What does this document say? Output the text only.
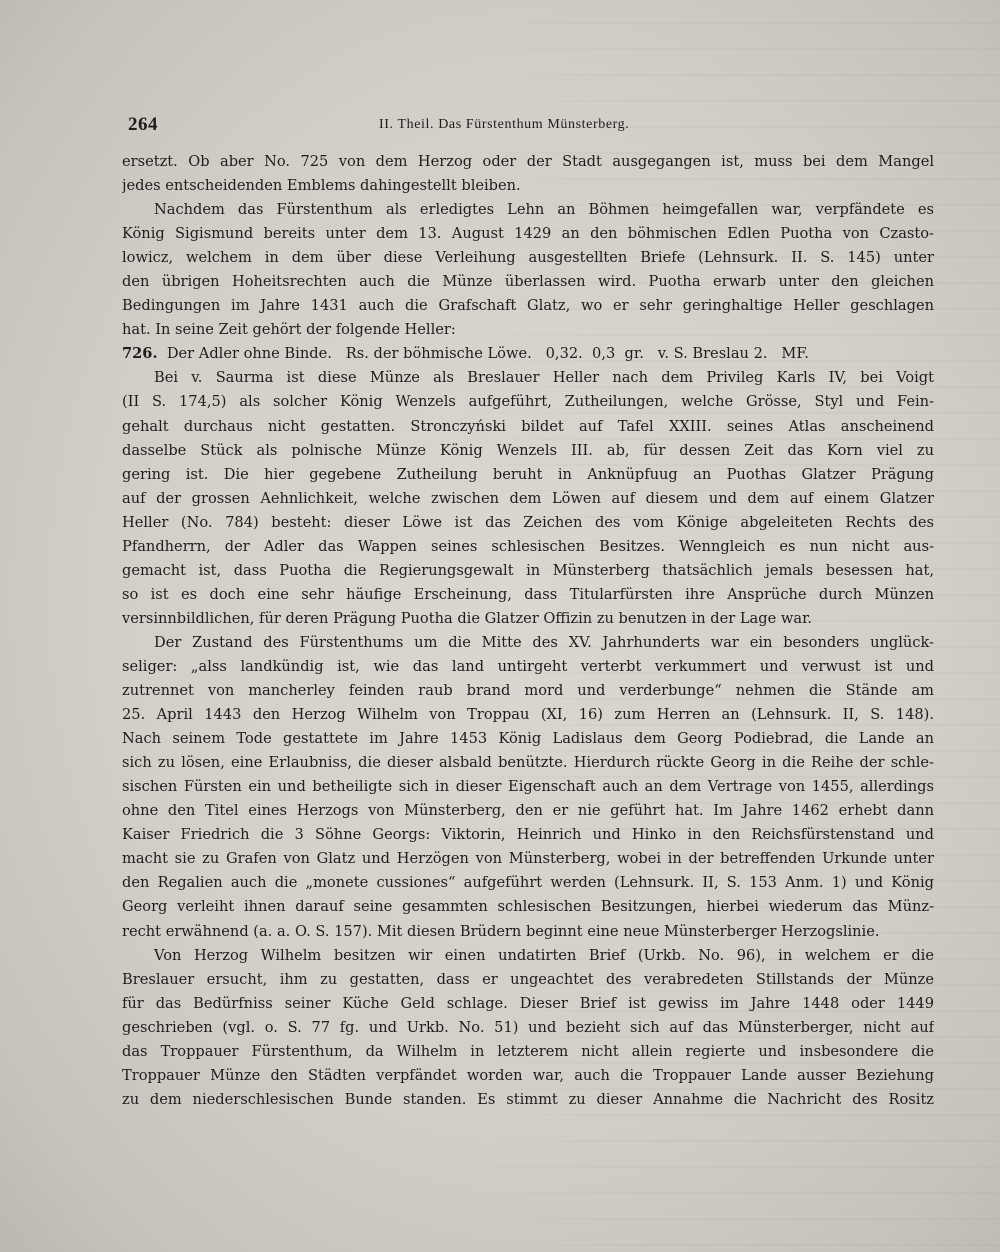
264	II. Theil. Das Fürstenthum Münsterberg.
ersetzt. Ob aber No. 725 von dem Herzog oder der Stadt ausgegangen ist, muss bei dem Mangel
jedes entscheidenden Emblems dahingestellt bleiben.
Nachdem das Fürstenthum als erledigtes Lehn an Böhmen heimgefallen war, verpfändete es
König Sigismund bereits unter dem 13. August 1429 an den böhmischen Edlen Puotha von Czasto-
lowicz, welchem in dem über diese Verleihung ausgestellten Briefe (Lehnsurk. II. S. 145) unter
den übrigen Hoheitsrechten auch die Münze überlassen wird. Puotha erwarb unter den gleichen
Bedingungen im Jahre 1431 auch die Grafschaft Glatz, wo er sehr geringhaltige Heller geschlagen
hat. In seine Zeit gehört der folgende Heller:
726.  Der Adler ohne Binde.   Rs. der böhmische Löwe.   0,32.  0,3  gr.   v. S. Breslau 2.   MF.
Bei v. Saurma ist diese Münze als Breslauer Heller nach dem Privileg Karls IV, bei Voigt
(II S. 174,5) als solcher König Wenzels aufgeführt, Zutheilungen, welche Grösse, Styl und Fein-
gehalt durchaus nicht gestatten. Stronczyński bildet auf Tafel XXIII. seines Atlas anscheinend
dasselbe Stück als polnische Münze König Wenzels III. ab, für dessen Zeit das Korn viel zu
gering ist. Die hier gegebene Zutheilung beruht in Anknüpfuug an Puothas Glatzer Prägung
auf der grossen Aehnlichkeit, welche zwischen dem Löwen auf diesem und dem auf einem Glatzer
Heller (No. 784) besteht: dieser Löwe ist das Zeichen des vom Könige abgeleiteten Rechts des
Pfandherrn, der Adler das Wappen seines schlesischen Besitzes. Wenngleich es nun nicht aus-
gemacht ist, dass Puotha die Regierungsgewalt in Münsterberg thatsächlich jemals besessen hat,
so ist es doch eine sehr häufige Erscheinung, dass Titularfürsten ihre Ansprüche durch Münzen
versinnbildlichen, für deren Prägung Puotha die Glatzer Offizin zu benutzen in der Lage war.
Der Zustand des Fürstenthums um die Mitte des XV. Jahrhunderts war ein besonders unglück-
seliger: „alss landkündig ist, wie das land untirgeht verterbt verkummert und verwust ist und
zutrennet von mancherley feinden raub brand mord und verderbunge“ nehmen die Stände am
25. April 1443 den Herzog Wilhelm von Troppau (XI, 16) zum Herren an (Lehnsurk. II, S. 148).
Nach seinem Tode gestattete im Jahre 1453 König Ladislaus dem Georg Podiebrad, die Lande an
sich zu lösen, eine Erlaubniss, die dieser alsbald benützte. Hierdurch rückte Georg in die Reihe der schle-
sischen Fürsten ein und betheiligte sich in dieser Eigenschaft auch an dem Vertrage von 1455, allerdings
ohne den Titel eines Herzogs von Münsterberg, den er nie geführt hat. Im Jahre 1462 erhebt dann
Kaiser Friedrich die 3 Söhne Georgs: Viktorin, Heinrich und Hinko in den Reichsfürstenstand und
macht sie zu Grafen von Glatz und Herzögen von Münsterberg, wobei in der betreffenden Urkunde unter
den Regalien auch die „monete cussiones“ aufgeführt werden (Lehnsurk. II, S. 153 Anm. 1) und König
Georg verleiht ihnen darauf seine gesammten schlesischen Besitzungen, hierbei wiederum das Münz-
recht erwähnend (a. a. O. S. 157). Mit diesen Brüdern beginnt eine neue Münsterberger Herzogslinie.
Von Herzog Wilhelm besitzen wir einen undatirten Brief (Urkb. No. 96), in welchem er die
Breslauer ersucht, ihm zu gestatten, dass er ungeachtet des verabredeten Stillstands der Münze
für das Bedürfniss seiner Küche Geld schlage. Dieser Brief ist gewiss im Jahre 1448 oder 1449
geschrieben (vgl. o. S. 77 fg. und Urkb. No. 51) und bezieht sich auf das Münsterberger, nicht auf
das Troppauer Fürstenthum, da Wilhelm in letzterem nicht allein regierte und insbesondere die
Troppauer Münze den Städten verpfändet worden war, auch die Troppauer Lande ausser Beziehung
zu dem niederschlesischen Bunde standen. Es stimmt zu dieser Annahme die Nachricht des Rositz
